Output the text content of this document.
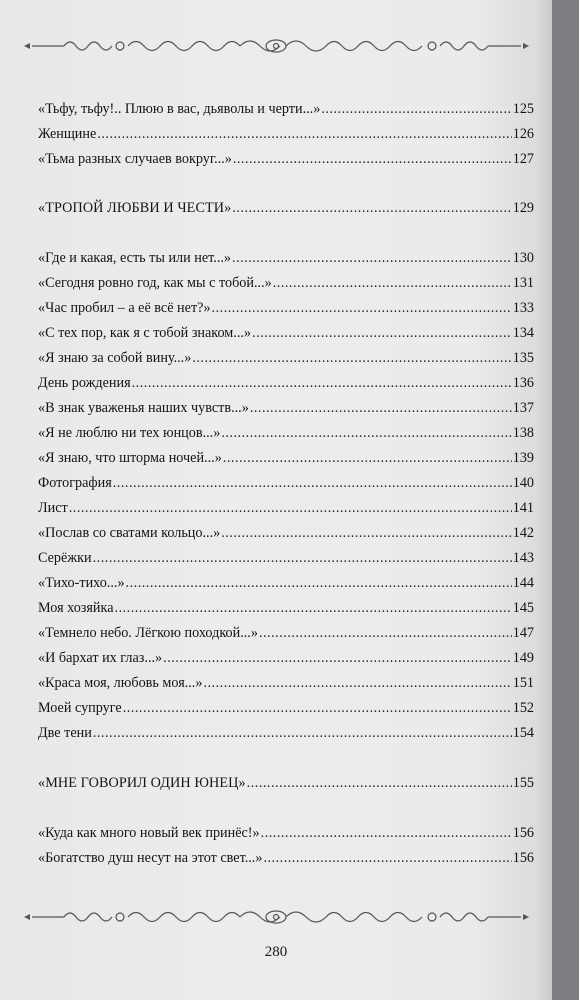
«Тьфу, тьфу!.. Плюю в вас, дьяволы и черти...» .....	125
Женщине .....	126
«Тьма разных случаев вокруг...» .....	127
«ТРОПОЙ ЛЮБВИ И ЧЕСТИ» .....	129
«Где и какая, есть ты или нет...» .....	130
«Сегодня ровно год, как мы с тобой...» .....	131
«Час пробил – а её всё нет?» .....	133
«С тех пор, как я с тобой знаком...» .....	134
«Я знаю за собой вину...» .....	135
День рождения .....	136
«В знак уваженья наших чувств...» .....	137
«Я не люблю ни тех юнцов...» .....	138
«Я знаю, что шторма ночей...» .....	139
Фотография .....	140
Лист .....	141
«Послав со сватами кольцо...» .....	142
Серёжки .....	143
«Тихо-тихо...» .....	144
Моя хозяйка .....	145
«Темнело небо. Лёгкою походкой...» .....	147
«И бархат их глаз...» .....	149
«Краса моя, любовь моя...» .....	151
Моей супруге .....	152
Две тени .....	154
«МНЕ ГОВОРИЛ ОДИН ЮНЕЦ» .....	155
«Куда как много новый век принёс!» .....	156
«Богатство душ несут на этот свет...» .....	156
280
